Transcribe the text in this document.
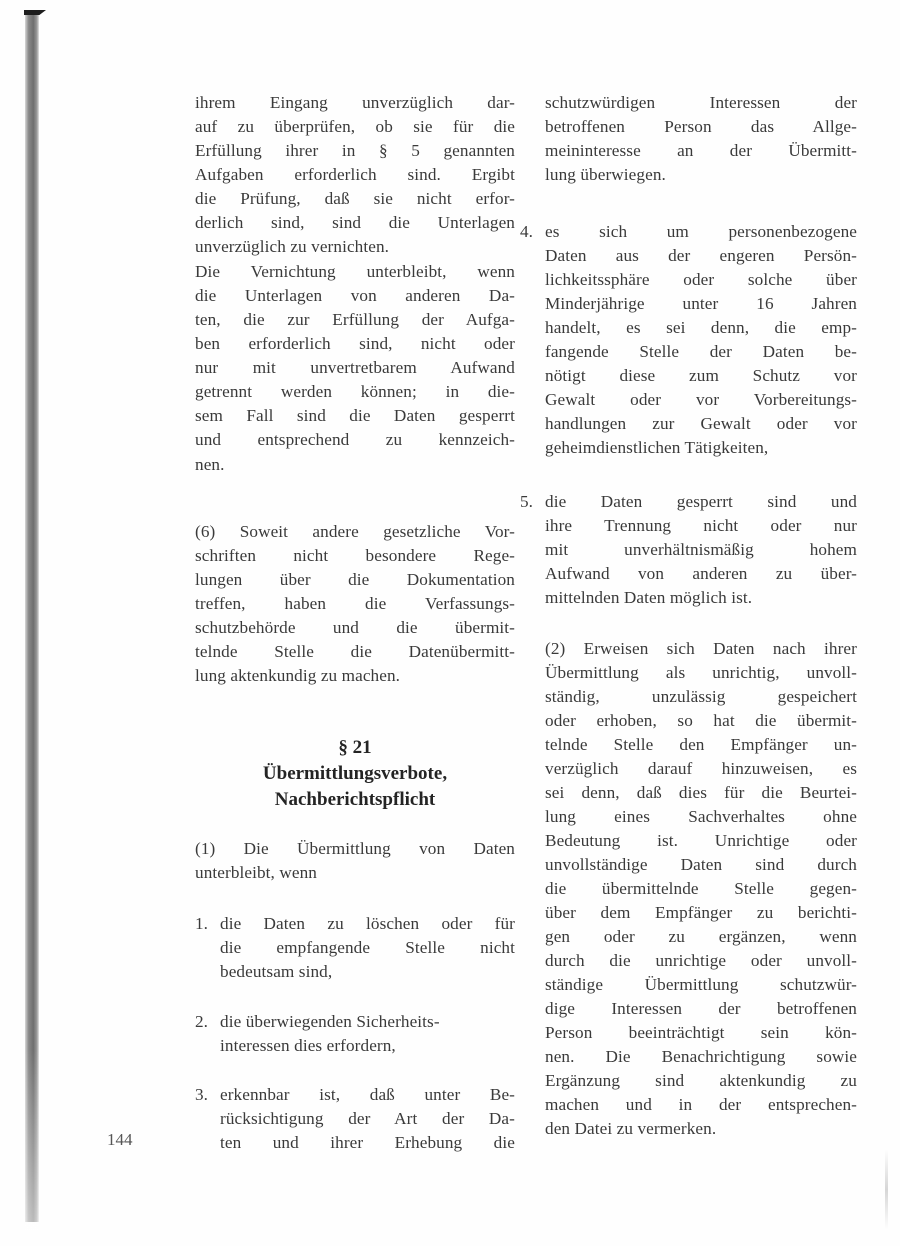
ihrem Eingang unverzüglich dar-
auf zu überprüfen, ob sie für die
Erfüllung ihrer in § 5 genannten
Aufgaben erforderlich sind. Ergibt
die Prüfung, daß sie nicht erfor-
derlich sind, sind die Unterlagen
unverzüglich zu vernichten.
Die Vernichtung unterbleibt, wenn
die Unterlagen von anderen Da-
ten, die zur Erfüllung der Aufga-
ben erforderlich sind, nicht oder
nur mit unvertretbarem Aufwand
getrennt werden können; in die-
sem Fall sind die Daten gesperrt
und entsprechend zu kennzeich-
nen.
(6) Soweit andere gesetzliche Vor-
schriften nicht besondere Rege-
lungen über die Dokumentation
treffen, haben die Verfassungs-
schutzbehörde und die übermit-
telnde Stelle die Datenübermitt-
lung aktenkundig zu machen.
§ 21
Übermittlungsverbote,
Nachberichtspflicht
(1) Die Übermittlung von Daten
unterbleibt, wenn
1. die Daten zu löschen oder für
die empfangende Stelle nicht
bedeutsam sind,
2. die überwiegenden Sicherheits-
interessen dies erfordern,
3. erkennbar ist, daß unter Be-
rücksichtigung der Art der Da-
ten und ihrer Erhebung die
144
schutzwürdigen Interessen der
betroffenen Person das Allge-
meininteresse an der Übermitt-
lung überwiegen.
4. es sich um personenbezogene
Daten aus der engeren Persön-
lichkeitssphäre oder solche über
Minderjährige unter 16 Jahren
handelt, es sei denn, die emp-
fangende Stelle der Daten be-
nötigt diese zum Schutz vor
Gewalt oder vor Vorbereitungs-
handlungen zur Gewalt oder vor
geheimdienstlichen Tätigkeiten,
5. die Daten gesperrt sind und
ihre Trennung nicht oder nur
mit unverhältnismäßig hohem
Aufwand von anderen zu über-
mittelnden Daten möglich ist.
(2) Erweisen sich Daten nach ihrer
Übermittlung als unrichtig, unvoll-
ständig, unzulässig gespeichert
oder erhoben, so hat die übermit-
telnde Stelle den Empfänger un-
verzüglich darauf hinzuweisen, es
sei denn, daß dies für die Beurtei-
lung eines Sachverhaltes ohne
Bedeutung ist. Unrichtige oder
unvollständige Daten sind durch
die übermittelnde Stelle gegen-
über dem Empfänger zu berichti-
gen oder zu ergänzen, wenn
durch die unrichtige oder unvoll-
ständige Übermittlung schutzwür-
dige Interessen der betroffenen
Person beeinträchtigt sein kön-
nen. Die Benachrichtigung sowie
Ergänzung sind aktenkundig zu
machen und in der entsprechen-
den Datei zu vermerken.
